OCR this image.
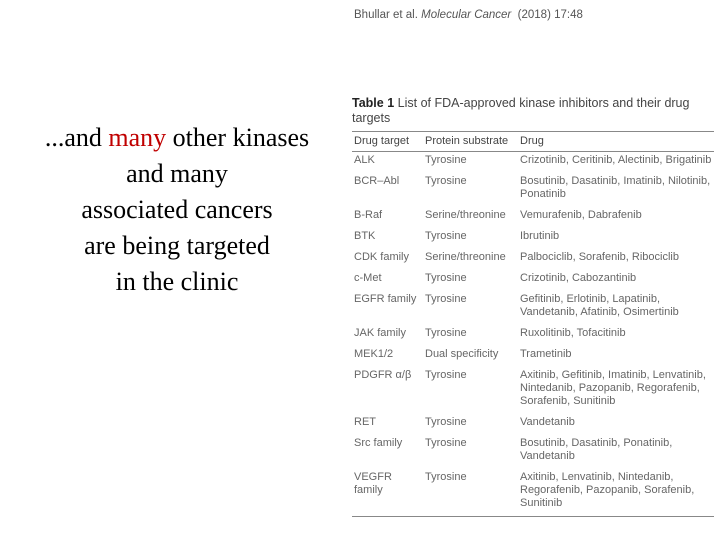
...and many other kinases
and many
associated cancers
are being targeted
in the clinic
Bhullar et al. Molecular Cancer (2018) 17:48
Table 1 List of FDA-approved kinase inhibitors and their drug targets
Drug target	Protein substrate	Drug
ALK	Tyrosine	Crizotinib, Ceritinib, Alectinib, Brigatinib
BCR–Abl	Tyrosine	Bosutinib, Dasatinib, Imatinib, Nilotinib, Ponatinib
B-Raf	Serine/threonine	Vemurafenib, Dabrafenib
BTK	Tyrosine	Ibrutinib
CDK family	Serine/threonine	Palbociclib, Sorafenib, Ribociclib
c-Met	Tyrosine	Crizotinib, Cabozantinib
EGFR family	Tyrosine	Gefitinib, Erlotinib, Lapatinib, Vandetanib, Afatinib, Osimertinib
JAK family	Tyrosine	Ruxolitinib, Tofacitinib
MEK1/2	Dual specificity	Trametinib
PDGFR α/β	Tyrosine	Axitinib, Gefitinib, Imatinib, Lenvatinib, Nintedanib, Pazopanib, Regorafenib, Sorafenib, Sunitinib
RET	Tyrosine	Vandetanib
Src family	Tyrosine	Bosutinib, Dasatinib, Ponatinib, Vandetanib
VEGFR family	Tyrosine	Axitinib, Lenvatinib, Nintedanib, Regorafenib, Pazopanib, Sorafenib, Sunitinib
